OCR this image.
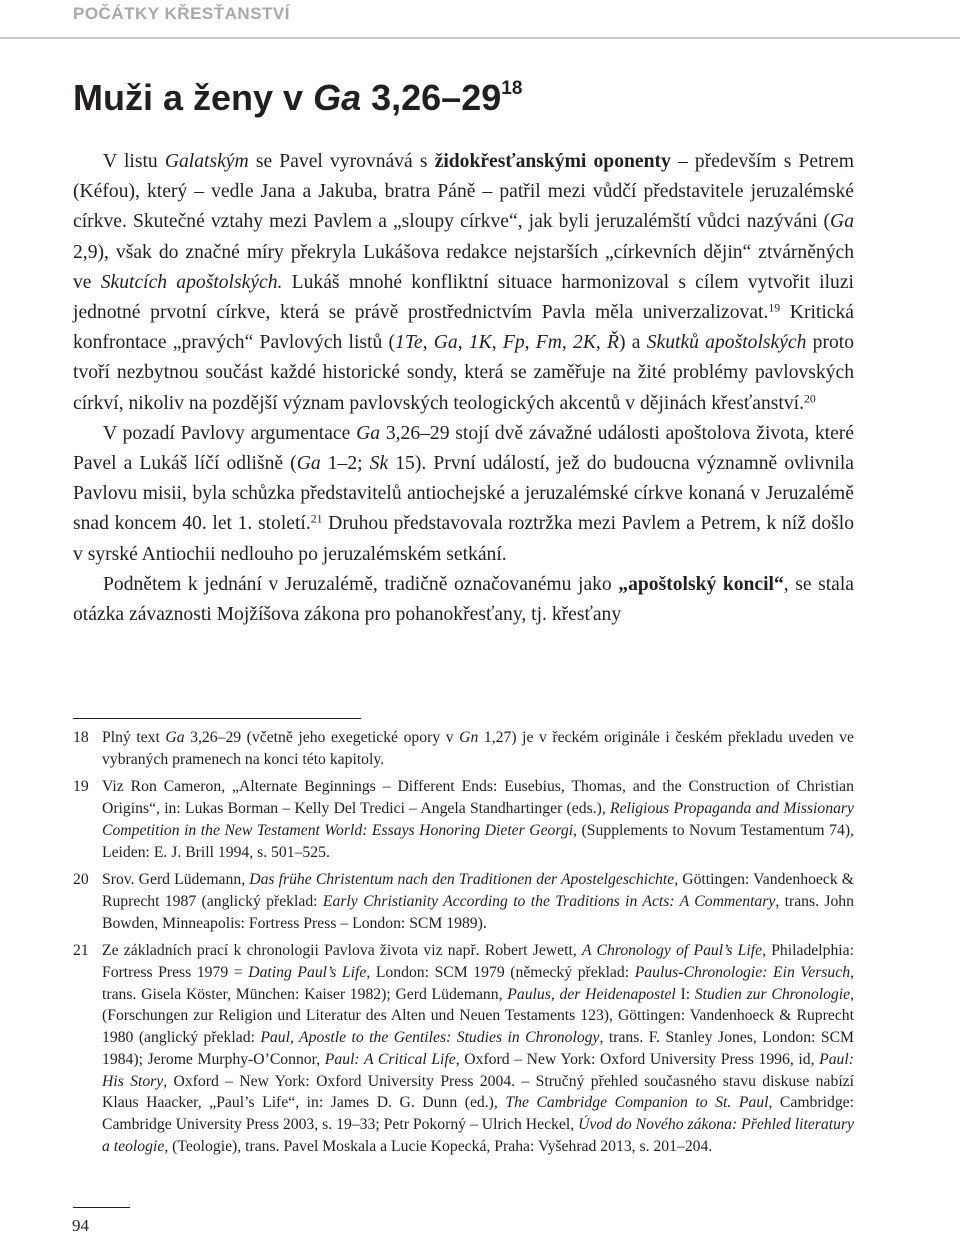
POČÁTKY KŘESŤANSTVÍ
Muži a ženy v Ga $3,26-29^{18}$

V listu Galatským se Pavel vyrovnává s židokřesťanskými oponenty – především s Petrem (Kéfou), který – vedle Jana a Jakuba, bratra Páně – patřil mezi vůdčí představitele jeruzalémské církve. Skutečné vztahy mezi Pavlem a „sloupy církve“, jak byli jeruzalémští vůdci nazýváni (Ga 2,9), však do značné míry překryla Lukášova redakce nejstarších „církevních dějin“ ztvárněných ve Skutcích apoštolských. Lukáš mnohé konfliktní situace harmonizoval s cílem vytvořit iluzi jednotné prvotní církve, která se právě prostřednictvím Pavla měla univerzalizovat.$^{19}$ Kritická konfrontace „pravých“ Pavlových listů (1Te, Ga, 1K, Fp, Fm, 2K, Ř) a Skutků apoštolských proto tvoří nezbytnou součást každé historické sondy, která se zaměřuje na žité problémy pavlovských církví, nikoliv na pozdější význam pavlovských teologických akcentů v dějinách křesťanství.$^{20}$

V pozadí Pavlovy argumentace Ga 3,26–29 stojí dvě závažné události apoštolova života, které Pavel a Lukáš líčí odlišně (Ga 1–2; Sk 15). První událostí, jež do budoucna významně ovlivnila Pavlovu misii, byla schůzka představitelů antiochejské a jeruzalémské církve konaná v Jeruzalémě snad koncem 40. let 1. století.$^{21}$ Druhou představovala roztržka mezi Pavlem a Petrem, k níž došlo v syrské Antiochii nedlouho po jeruzalémském setkání.

Podnětem k jednání v Jeruzalémě, tradičně označovanému jako „apoštolský koncil“, se stala otázka závaznosti Mojžíšova zákona pro pohanokřesťany, tj. křesťany

18 Plný text Ga 3,26–29 (včetně jeho exegetické opory v Gn 1,27) je v řeckém originále i českém překladu uveden ve vybraných pramenech na konci této kapitoly.
19 Viz Ron Cameron, „Alternate Beginnings – Different Ends: Eusebius, Thomas, and the Construction of Christian Origins“, in: Lukas Borman – Kelly Del Tredici – Angela Standhartinger (eds.), Religious Propaganda and Missionary Competition in the New Testament World: Essays Honoring Dieter Georgi, (Supplements to Novum Testamentum 74), Leiden: E. J. Brill 1994, s. 501–525.
20 Srov. Gerd Lüdemann, Das frühe Christentum nach den Traditionen der Apostelgeschichte, Göttingen: Vandenhoeck & Ruprecht 1987 (anglický překlad: Early Christianity According to the Traditions in Acts: A Commentary, trans. John Bowden, Minneapolis: Fortress Press – London: SCM 1989).
21 Ze základních prací k chronologii Pavlova života viz např. Robert Jewett, A Chronology of Paul’s Life, Philadelphia: Fortress Press 1979 = Dating Paul’s Life, London: SCM 1979 (německý překlad: Paulus-Chronologie: Ein Versuch, trans. Gisela Köster, München: Kaiser 1982); Gerd Lüdemann, Paulus, der Heidenapostel I: Studien zur Chronologie, (Forschungen zur Religion und Literatur des Alten und Neuen Testaments 123), Göttingen: Vandenhoeck & Ruprecht 1980 (anglický překlad: Paul, Apostle to the Gentiles: Studies in Chronology, trans. F. Stanley Jones, London: SCM 1984); Jerome Murphy-O’Connor, Paul: A Critical Life, Oxford – New York: Oxford University Press 1996, id, Paul: His Story, Oxford – New York: Oxford University Press 2004. – Stručný přehled současného stavu diskuse nabízí Klaus Haacker, „Paul’s Life“, in: James D. G. Dunn (ed.), The Cambridge Companion to St. Paul, Cambridge: Cambridge University Press 2003, s. 19–33; Petr Pokorný – Ulrich Heckel, Úvod do Nového zákona: Přehled literatury a teologie, (Teologie), trans. Pavel Moskala a Lucie Kopecká, Praha: Vyšehrad 2013, s. 201–204.
94
